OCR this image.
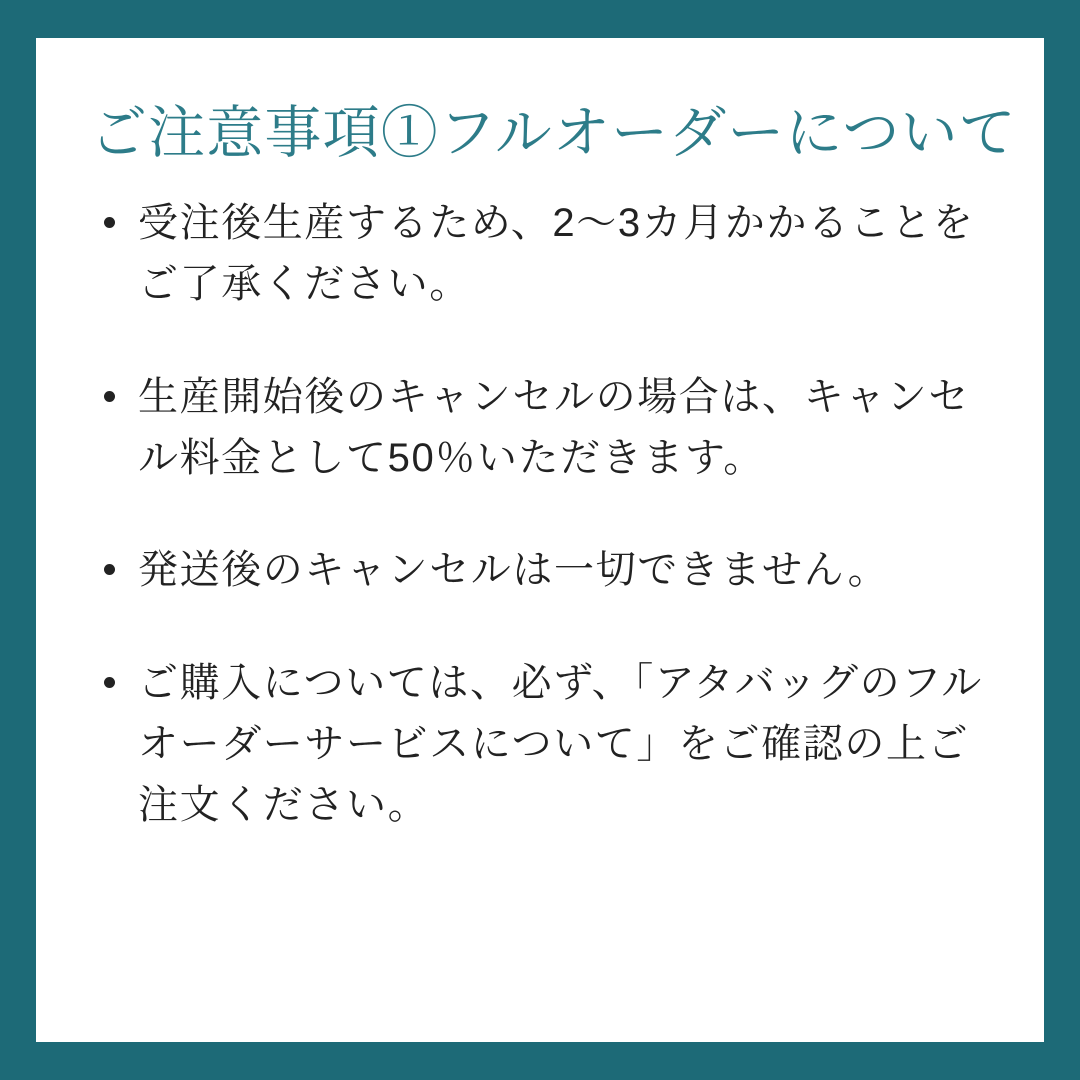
ご注意事項①フルオーダーについて
受注後生産するため、2〜3カ月かかることをご了承ください。
生産開始後のキャンセルの場合は、キャンセル料金として50％いただきます。
発送後のキャンセルは一切できません。
ご購入については、必ず、「アタバッグのフルオーダーサービスについて」をご確認の上ご注文ください。
